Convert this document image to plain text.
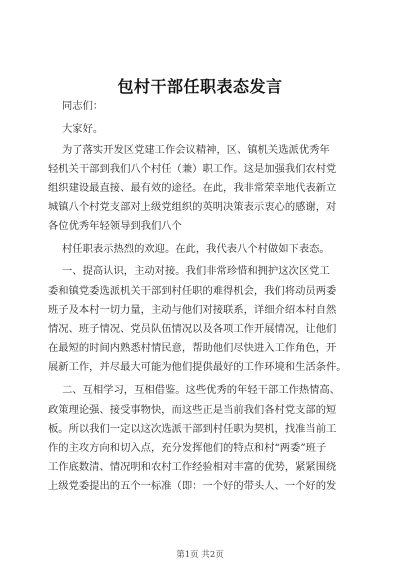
包村干部任职表态发言
同志们：
大家好。
为了落实开发区党建工作会议精神，区、镇机关选派优秀年
轻机关干部到我们八个村任（兼）职工作。这是加强我们农村党
组织建设最直接、最有效的途径。在此，我非常荣幸地代表新立
城镇八个村党支部对上级党组织的英明决策表示衷心的感谢，对
各位优秀年轻领导到我们八个
村任职表示热烈的欢迎。在此，我代表八个村做如下表态。
一、提高认识，主动对接。我们非常珍惜和拥护这次区党工
委和镇党委选派机关干部到村任职的难得机会，我们将动员两委
班子及本村一切力量，主动与他们对接联系，详细介绍本村自然
情况、班子情况、党员队伍情况以及各项工作开展情况，让他们
在最短的时间内熟悉村情民意，帮助他们尽快进入工作角色，开
展新工作，并尽最大可能为他们提供最好的工作环境和生活条件。
二、互相学习，互相借鉴。这些优秀的年轻干部工作热情高、
政策理论强、接受事物快，而这些正是当前我们各村党支部的短
板。所以我们一定以这次选派干部到村任职为契机，找准当前工
作的主攻方向和切入点，充分发挥他们的特点和村“两委”班子
工作底数清、情况明和农村工作经验相对丰富的优势，紧紧围绕
上级党委提出的五个一标准（即：一个好的带头人、一个好的发
第1页 共2页
